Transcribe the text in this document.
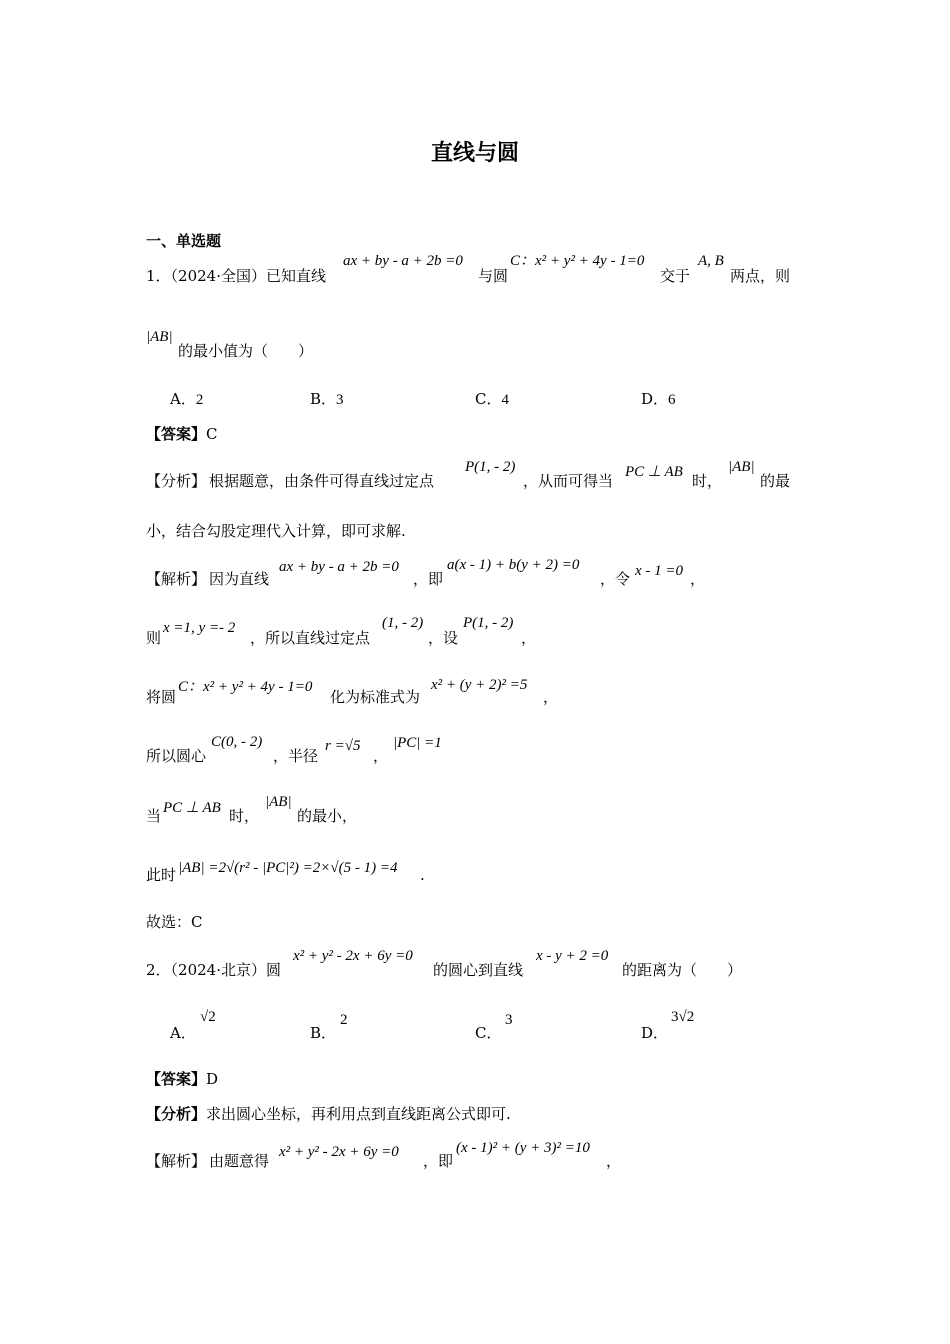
直线与圆
一、单选题
1．（2024·全国）已知直线
ax + by - a + 2b =0
与圆
C：x² + y² + 4y - 1=0
交于
A, B
两点，则
|AB|
的最小值为（　　）
A．2	B．3	C．4	D．6
【答案】C
【分析】 根据题意，由条件可得直线过定点
P(1, - 2)
，从而可得当 PC ⊥ AB 时，
|AB|
的最
小，结合勾股定理代入计算，即可求解.
【解析】 因为直线
ax + by - a + 2b =0
，即
a(x - 1) + b(y + 2) =0
，令 x - 1 =0 ，
则
x =1, y =- 2
，所以直线过定点
(1, - 2)
，设
P(1, - 2)
，
将圆
C：x² + y² + 4y - 1=0
化为标准式为
x² + (y + 2)² =5
，
所以圆心
C(0, - 2)
，半径
r =√5
，
|PC| =1
当 PC ⊥ AB 时，
|AB|
的最小，
此时 |AB| =2√(r² - |PC|²) =2×√(5 - 1) =4 .
故选：C
2．（2024·北京）圆
x² + y² - 2x + 6y =0
的圆心到直线
x - y + 2 =0
的距离为（　　）
A．
√2
B．
2
C．
3
D．
3√2
【答案】D
【分析】求出圆心坐标，再利用点到直线距离公式即可.
【解析】 由题意得 x² + y² - 2x + 6y =0 ，即
(x - 1)² + (y + 3)² =10
，
